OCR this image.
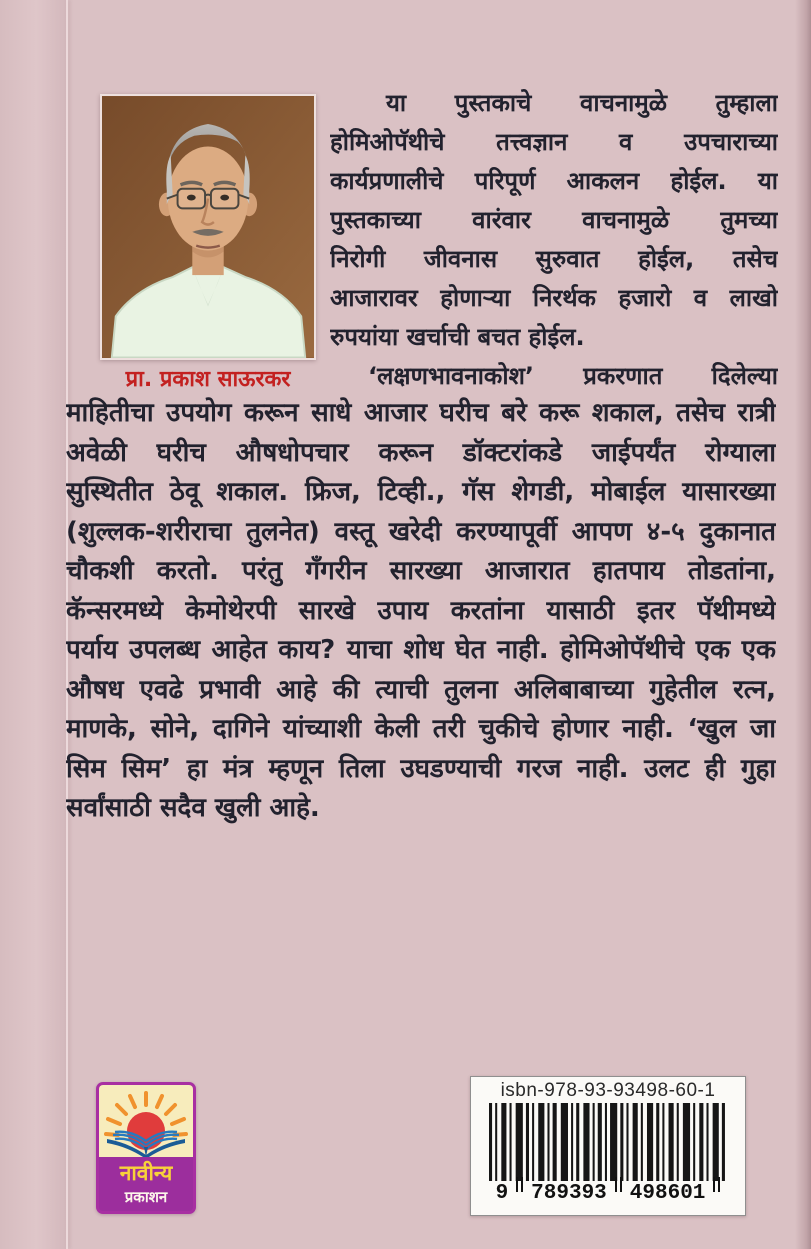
प्रा. प्रकाश साऊरकर
या पुस्तकाचे वाचनामुळे तुम्हाला
होमिओपॅथीचे तत्त्वज्ञान व उपचाराच्या
कार्यप्रणालीचे परिपूर्ण आकलन होईल. या
पुस्तकाच्या वारंवार वाचनामुळे तुमच्या
निरोगी जीवनास सुरुवात होईल, तसेच
आजारावर होणाऱ्या निरर्थक हजारो व लाखो
रुपयांया खर्चाची बचत होईल.
‘लक्षणभावनाकोश’ प्रकरणात दिलेल्या
माहितीचा उपयोग करून साधे आजार घरीच बरे करू शकाल, तसेच रात्री
अवेळी घरीच औषधोपचार करून डॉक्टरांकडे जाईपर्यंत रोग्याला
सुस्थितीत ठेवू शकाल. फ्रिज, टिव्ही., गॅस शेगडी, मोबाईल यासारख्या
(शुल्लक-शरीराचा तुलनेत) वस्तू खरेदी करण्यापूर्वी आपण ४-५ दुकानात
चौकशी करतो. परंतु गँगरीन सारख्या आजारात हातपाय तोडतांना,
कॅन्सरमध्ये केमोथेरपी सारखे उपाय करतांना यासाठी इतर पॅथीमध्ये
पर्याय उपलब्ध आहेत काय? याचा शोध घेत नाही. होमिओपॅथीचे एक एक
औषध एवढे प्रभावी आहे की त्याची तुलना अलिबाबाच्या गुहेतील रत्न,
माणके, सोने, दागिने यांच्याशी केली तरी चुकीचे होणार नाही. ‘खुल जा
सिम सिम’ हा मंत्र म्हणून तिला उघडण्याची गरज नाही. उलट ही गुहा
सर्वांसाठी सदैव खुली आहे.
नावीन्य
प्रकाशन
isbn-978-93-93498-60-1
9 789393 498601
